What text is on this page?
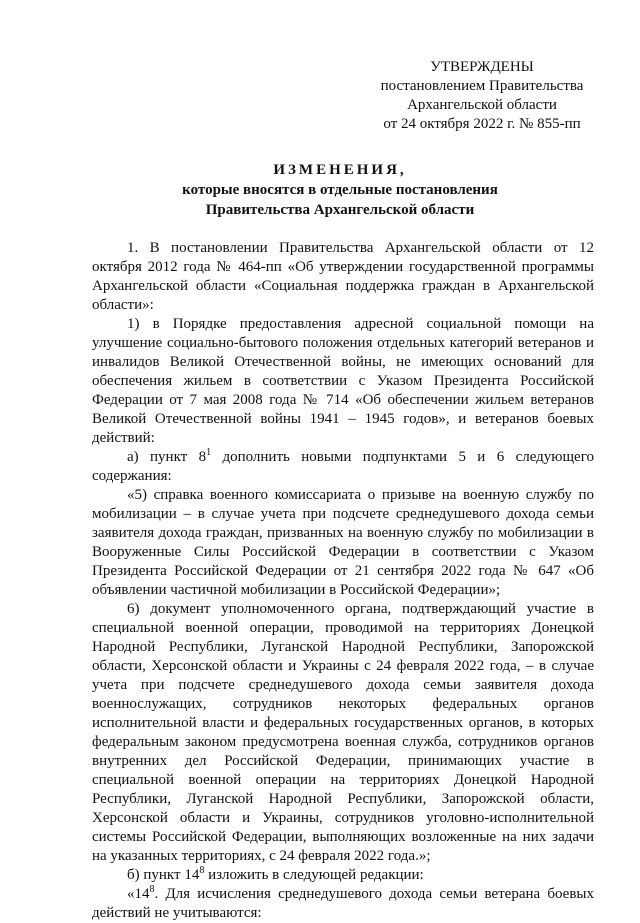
УТВЕРЖДЕНЫ
постановлением Правительства
Архангельской области
от 24 октября 2022 г. № 855-пп
ИЗМЕНЕНИЯ,
которые вносятся в отдельные постановления
Правительства Архангельской области

1. В постановлении Правительства Архангельской области от 12 октября 2012 года № 464-пп «Об утверждении государственной программы Архангельской области «Социальная поддержка граждан в Архангельской области»:

1) в Порядке предоставления адресной социальной помощи на улучшение социально-бытового положения отдельных категорий ветеранов и инвалидов Великой Отечественной войны, не имеющих оснований для обеспечения жильем в соответствии с Указом Президента Российской Федерации от 7 мая 2008 года № 714 «Об обеспечении жильем ветеранов Великой Отечественной войны 1941 – 1945 годов», и ветеранов боевых действий:

а) пункт $8^1$ дополнить новыми подпунктами 5 и 6 следующего содержания:

«5) справка военного комиссариата о призыве на военную службу по мобилизации – в случае учета при подсчете среднедушевого дохода семьи заявителя дохода граждан, призванных на военную службу по мобилизации в Вооруженные Силы Российской Федерации в соответствии с Указом Президента Российской Федерации от 21 сентября 2022 года № 647 «Об объявлении частичной мобилизации в Российской Федерации»;

6) документ уполномоченного органа, подтверждающий участие в специальной военной операции, проводимой на территориях Донецкой Народной Республики, Луганской Народной Республики, Запорожской области, Херсонской области и Украины с 24 февраля 2022 года, – в случае учета при подсчете среднедушевого дохода семьи заявителя дохода военнослужащих, сотрудников некоторых федеральных органов исполнительной власти и федеральных государственных органов, в которых федеральным законом предусмотрена военная служба, сотрудников органов внутренних дел Российской Федерации, принимающих участие в специальной военной операции на территориях Донецкой Народной Республики, Луганской Народной Республики, Запорожской области, Херсонской области и Украины, сотрудников уголовно-исполнительной системы Российской Федерации, выполняющих возложенные на них задачи на указанных территориях, с 24 февраля 2022 года.»;

б) пункт $14^8$ изложить в следующей редакции:

«$14^8$. Для исчисления среднедушевого дохода семьи ветерана боевых действий не учитываются:
